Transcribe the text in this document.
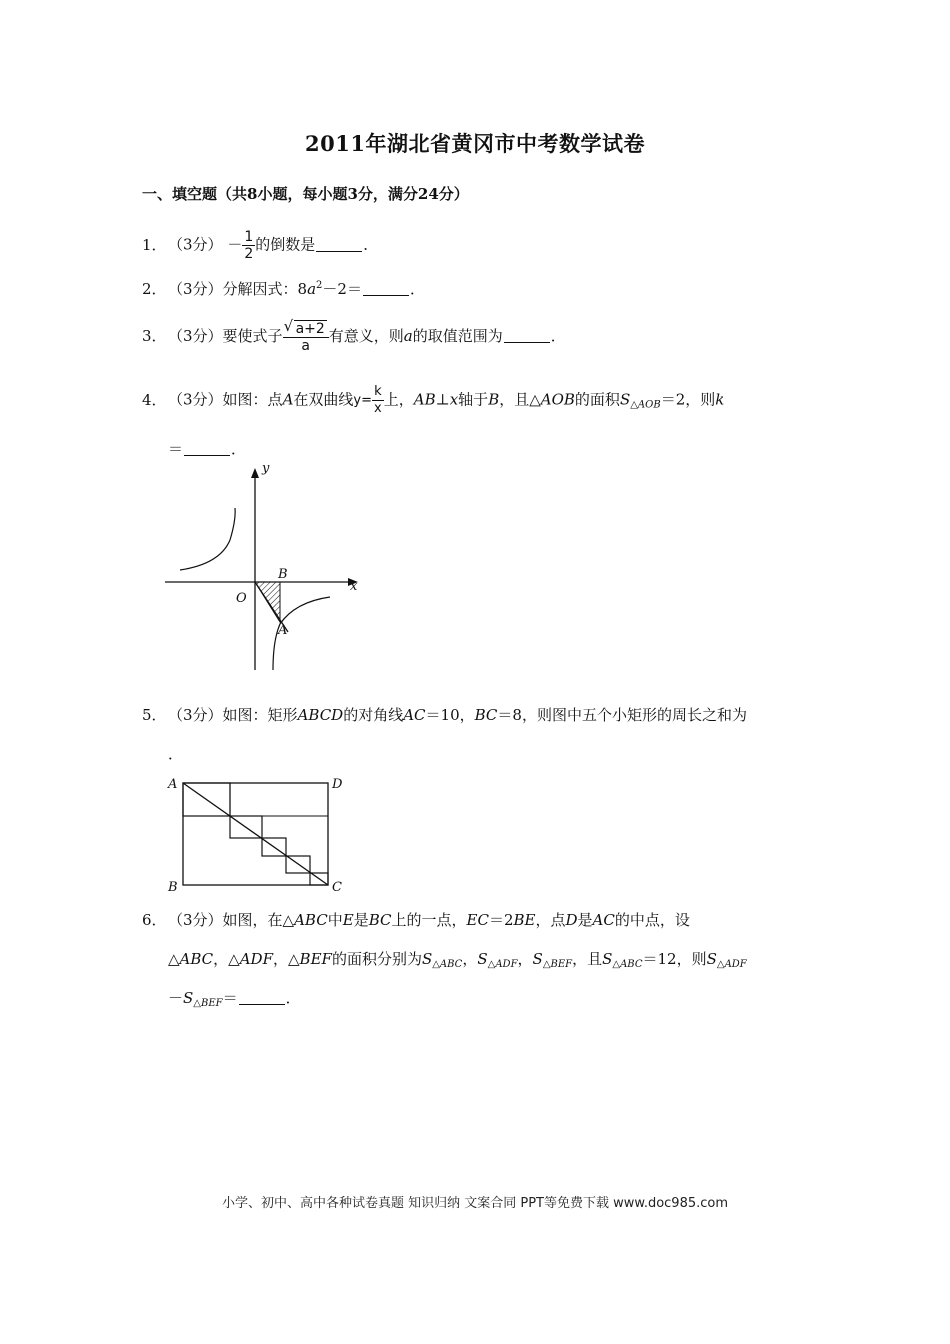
2011年湖北省黄冈市中考数学试卷
一、填空题（共8小题，每小题3分，满分24分）
1．（3分） － $\frac{1}{2}$ 的倒数是	．
2．（3分）分解因式：$8a^2-2=$	．
3．（3分）要使式子
√ $\frac{a+2}{a}$ 有意义，则a的取值范围为	．
4．（3分）如图：点A在双曲线$y= \frac{k}{x}$ 上，AB⊥x轴于B，且△AOB的面积$S_{\triangle AOB}=2$，则k
＝	．
y
x
O
B
A
5．（3分）如图：矩形ABCD的对角线AC＝10，BC＝8，则图中五个小矩形的周长之和为
．
A
B	C
D
6．（3分）如图，在△ABC中E是BC上的一点，EC＝2BE，点D是AC的中点，设
△ABC，△ADF，△BEF的面积分别为$S_{\triangle ABC}$，$S_{\triangle ADF}$，$S_{\triangle BEF}$，且$S_{\triangle ABC}=12$，则$S_{\triangle ADF}$
$-S_{\triangle BEF}=$	．
小学、初中、高中各种试卷真题 知识归纳 文案合同 PPT等免费下载 www.doc985.com
